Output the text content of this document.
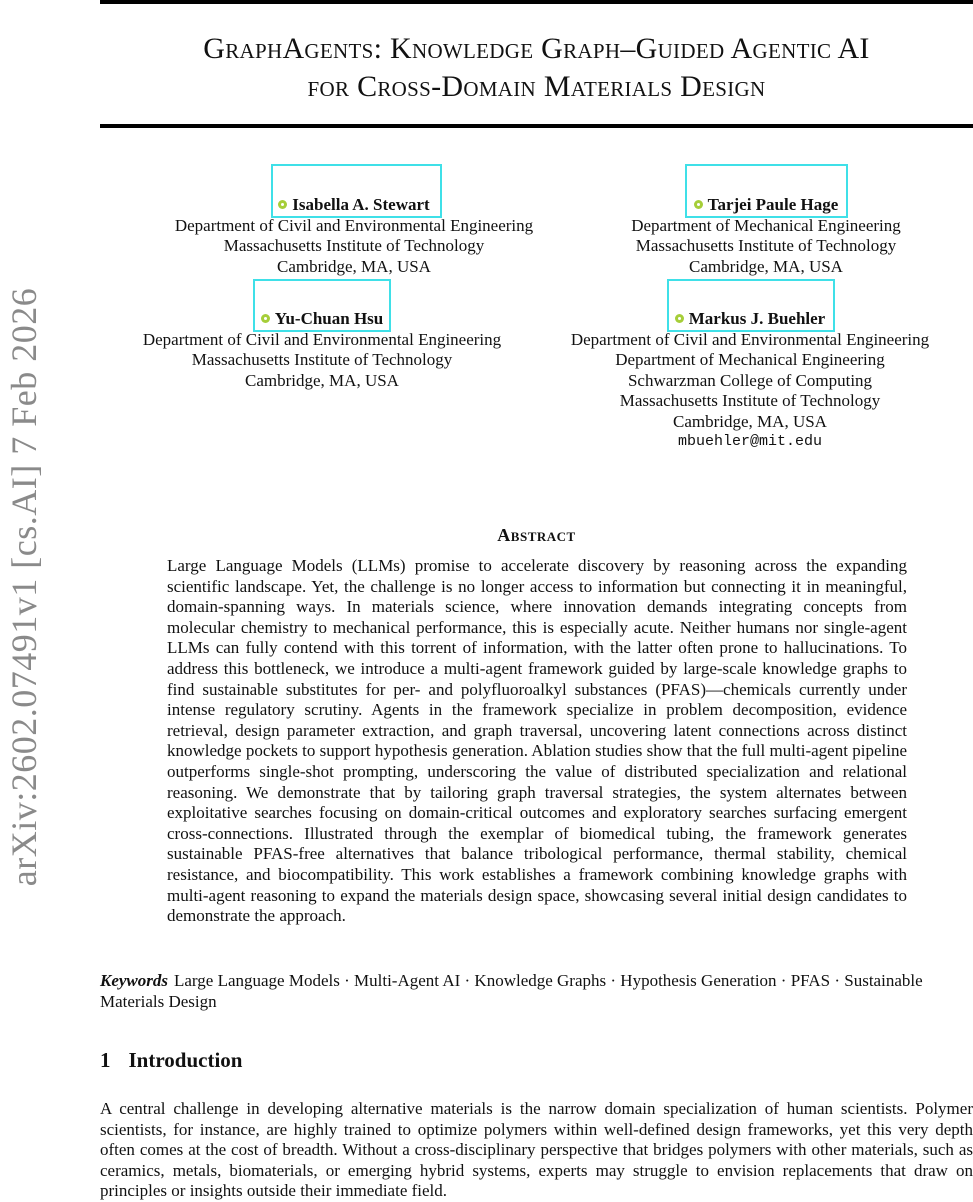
arXiv:2602.07491v1 [cs.AI] 7 Feb 2026
GraphAgents: Knowledge Graph–Guided Agentic AI
for Cross-Domain Materials Design
Isabella A. Stewart
Department of Civil and Environmental Engineering
Massachusetts Institute of Technology
Cambridge, MA, USA
Tarjei Paule Hage
Department of Mechanical Engineering
Massachusetts Institute of Technology
Cambridge, MA, USA
Yu-Chuan Hsu
Department of Civil and Environmental Engineering
Massachusetts Institute of Technology
Cambridge, MA, USA
Markus J. Buehler
Department of Civil and Environmental Engineering
Department of Mechanical Engineering
Schwarzman College of Computing
Massachusetts Institute of Technology
Cambridge, MA, USA
mbuehler@mit.edu
Abstract
Large Language Models (LLMs) promise to accelerate discovery by reasoning across the expanding scientific landscape. Yet, the challenge is no longer access to information but connecting it in meaningful, domain-spanning ways. In materials science, where innovation demands integrating concepts from molecular chemistry to mechanical performance, this is especially acute. Neither humans nor single-agent LLMs can fully contend with this torrent of information, with the latter often prone to hallucinations. To address this bottleneck, we introduce a multi-agent framework guided by large-scale knowledge graphs to find sustainable substitutes for per- and polyfluoroalkyl substances (PFAS)—chemicals currently under intense regulatory scrutiny. Agents in the framework specialize in problem decomposition, evidence retrieval, design parameter extraction, and graph traversal, uncovering latent connections across distinct knowledge pockets to support hypothesis generation. Ablation studies show that the full multi-agent pipeline outperforms single-shot prompting, underscoring the value of distributed specialization and relational reasoning. We demonstrate that by tailoring graph traversal strategies, the system alternates between exploitative searches focusing on domain-critical outcomes and exploratory searches surfacing emergent cross-connections. Illustrated through the exemplar of biomedical tubing, the framework generates sustainable PFAS-free alternatives that balance tribological performance, thermal stability, chemical resistance, and biocompatibility. This work establishes a framework combining knowledge graphs with multi-agent reasoning to expand the materials design space, showcasing several initial design candidates to demonstrate the approach.
Keywords Large Language Models · Multi-Agent AI · Knowledge Graphs · Hypothesis Generation · PFAS · Sustainable Materials Design
1 Introduction
A central challenge in developing alternative materials is the narrow domain specialization of human scientists. Polymer scientists, for instance, are highly trained to optimize polymers within well-defined design frameworks, yet this very depth often comes at the cost of breadth. Without a cross-disciplinary perspective that bridges polymers with other materials, such as ceramics, metals, biomaterials, or emerging hybrid systems, experts may struggle to envision replacements that draw on principles or insights outside their immediate field.
